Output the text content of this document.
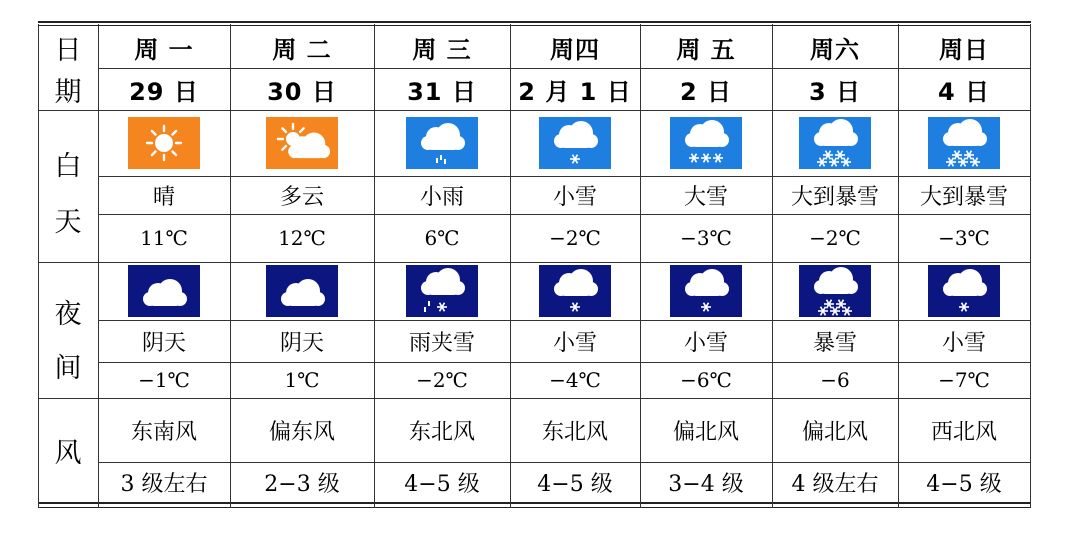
日
期
白
天
夜
间
风
周 一
29 日
晴
11℃
阴天
−1℃
东南风
3 级左右
周 二
30 日
多云
12℃
阴天
1℃
偏东风
2−3 级
周 三
31 日
小雨
6℃
雨夹雪
−2℃
东北风
4−5 级
周四
2 月 1 日
小雪
−2℃
小雪
−4℃
东北风
4−5 级
周 五
2 日
大雪
−3℃
小雪
−6℃
偏北风
3−4 级
周六
3 日
大到暴雪
−2℃
暴雪
−6
偏北风
4 级左右
周日
4 日
大到暴雪
−3℃
小雪
−7℃
西北风
4−5 级
